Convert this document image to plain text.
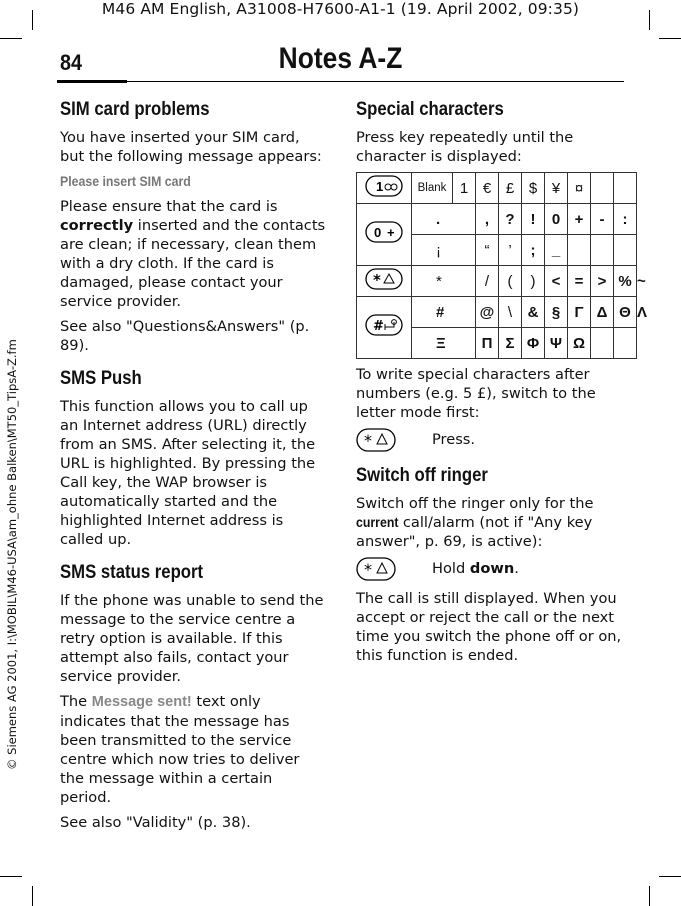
M46 AM English, A31008-H7600-A1-1 (19. April 2002, 09:35)
© Siemens AG 2001, I:\MOBIL\M46-USA\am_ohne Balken\MT50_TipsA-Z.fm
84	Notes A-Z
SIM card problems

You have inserted your SIM card, but the following message appears:

Please insert SIM card

Please ensure that the card is correctly inserted and the contacts are clean; if necessary, clean them with a dry cloth. If the card is damaged, please contact your service provider.

See also "Questions&Answers" (p. 89).

SMS Push

This function allows you to call up an Internet address (URL) directly from an SMS. After selecting it, the URL is highlighted. By pressing the Call key, the WAP browser is automatically started and the highlighted Internet address is called up.

SMS status report

If the phone was unable to send the message to the service centre a retry option is available. If this attempt also fails, contact your service provider.

The Message sent! text only indicates that the message has been transmitted to the service centre which now tries to deliver the message within a certain period.

See also "Validity" (p. 38).

Special characters

Press key repeatedly until the character is displayed:

1	Blank	1	€	£	$	¥	¤			

0 +	.		,	?	!	0	+	-	:	
	¡		“	’	;	_				

*	*		/	(	)	<	=	>	%	~

#	#		@	\	&	§	Γ	Δ	Θ	Λ
	Ξ		Π	Σ	Φ	Ψ	Ω			

To write special characters after numbers (e.g. 5 £), switch to the letter mode first:

*	Press.
Switch off ringer

Switch off the ringer only for the current call/alarm (not if "Any key answer", p. 69, is active):

*	Hold down.

The call is still displayed. When you accept or reject the call or the next time you switch the phone off or on, this function is ended.
